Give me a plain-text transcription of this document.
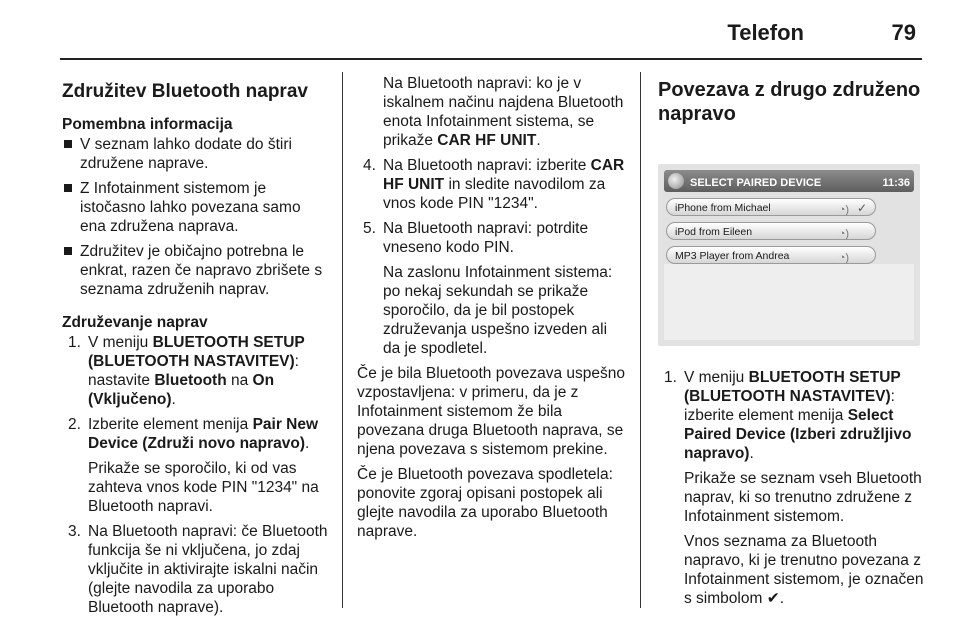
Telefon	79
Združitev Bluetooth naprav
Pomembna informacija
V seznam lahko dodate do štiri združene naprave.
Z Infotainment sistemom je istočasno lahko povezana samo ena združena naprava.
Združitev je običajno potrebna le enkrat, razen če napravo zbrišete s seznama združenih naprav.
Združevanje naprav
1. V meniju BLUETOOTH SETUP (BLUETOOTH NASTAVITEV): nastavite Bluetooth na On (Vključeno).

2. Izberite element menija Pair New Device (Združi novo napravo).

Prikaže se sporočilo, ki od vas zahteva vnos kode PIN "1234" na Bluetooth napravi.

3. Na Bluetooth napravi: če Bluetooth funkcija še ni vključena, jo zdaj vključite in aktivirajte iskalni način (glejte navodila za uporabo Bluetooth naprave).

Na Bluetooth napravi: ko je v iskalnem načinu najdena Bluetooth enota Infotainment sistema, se prikaže CAR HF UNIT.

4. Na Bluetooth napravi: izberite CAR HF UNIT in sledite navodilom za vnos kode PIN "1234".

5. Na Bluetooth napravi: potrdite vneseno kodo PIN.

Na zaslonu Infotainment sistema: po nekaj sekundah se prikaže sporočilo, da je bil postopek združevanja uspešno izveden ali da je spodletel.

Če je bila Bluetooth povezava uspešno vzpostavljena: v primeru, da je z Infotainment sistemom že bila povezana druga Bluetooth naprava, se njena povezava s sistemom prekine.

Če je Bluetooth povezava spodletela: ponovite zgoraj opisani postopek ali glejte navodila za uporabo Bluetooth naprave.

Povezava z drugo združeno napravo
SELECT PAIRED DEVICE	11:36
iPhone from Michael	◔) ✓
iPod from Eileen	◔)
MP3 Player from Andrea	◔)
1. V meniju BLUETOOTH SETUP (BLUETOOTH NASTAVITEV): izberite element menija Select Paired Device (Izberi združljivo napravo).

Prikaže se seznam vseh Bluetooth naprav, ki so trenutno združene z Infotainment sistemom.

Vnos seznama za Bluetooth napravo, ki je trenutno povezana z Infotainment sistemom, je označen s simbolom ✔.
